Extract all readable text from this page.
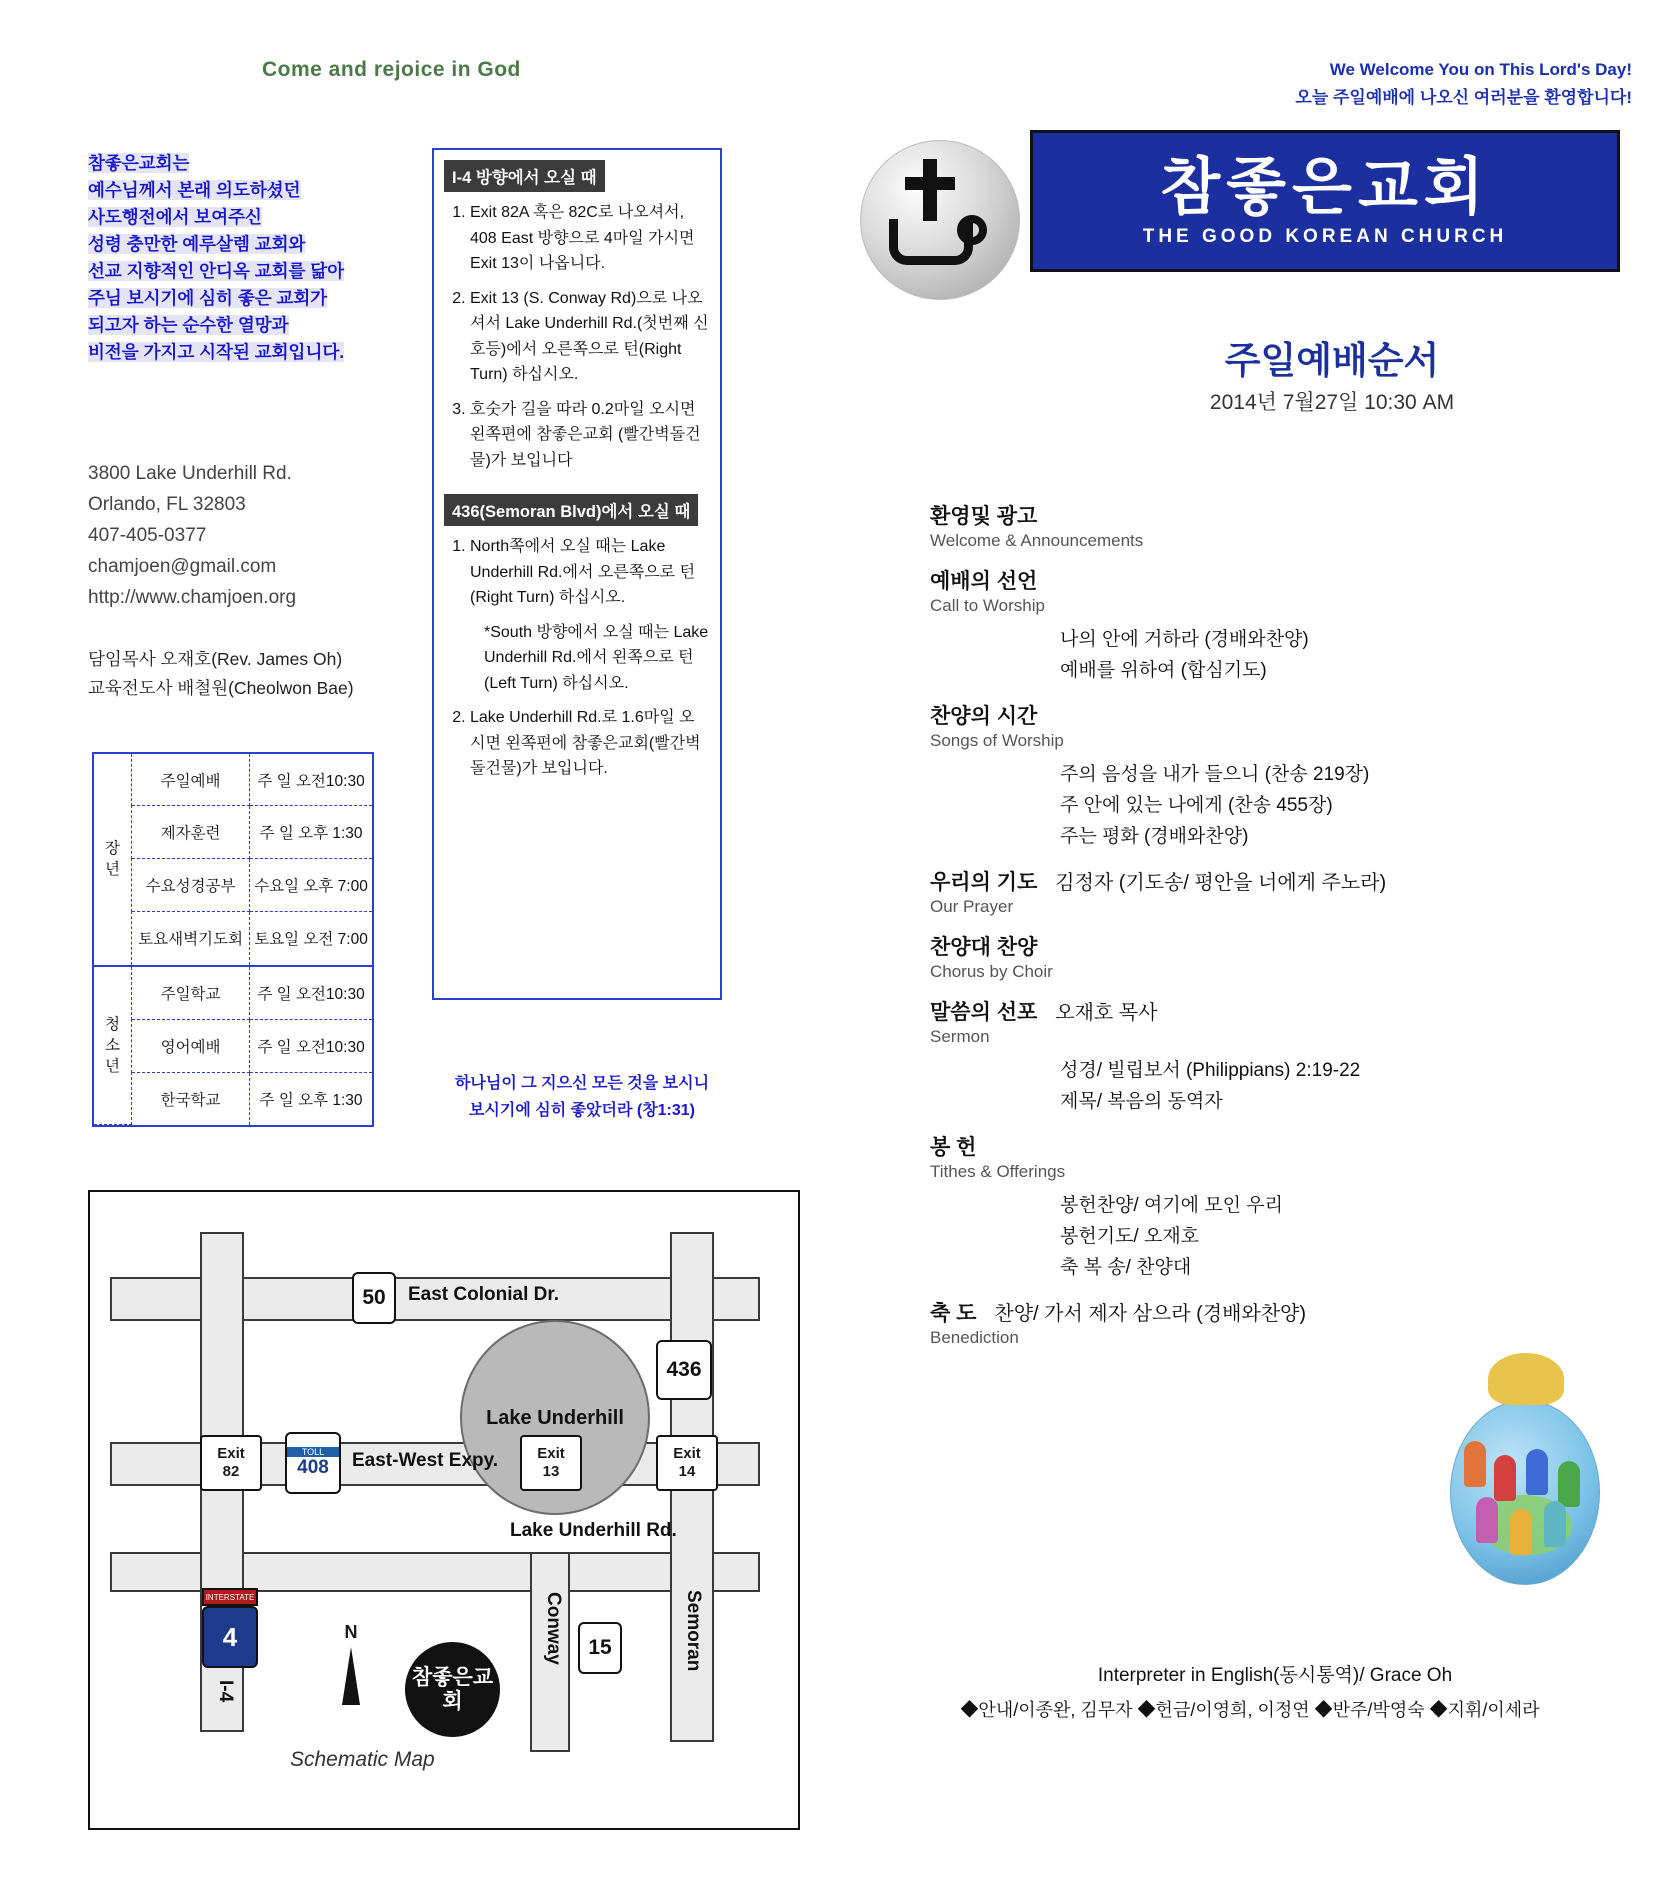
Come and rejoice in God	We Welcome You on This Lord's Day!
오늘 주일예배에 나오신 여러분을 환영합니다!
참좋은교회는
예수님께서 본래 의도하셨던
사도행전에서 보여주신
성령 충만한 예루살렘 교회와
선교 지향적인 안디옥 교회를 닮아
주님 보시기에 심히 좋은 교회가
되고자 하는 순수한 열망과
비전을 가지고 시작된 교회입니다.
3800 Lake Underhill Rd.
Orlando, FL 32803
407-405-0377
chamjoen@gmail.com
http://www.chamjoen.org
담임목사 오재호(Rev. James Oh)
교육전도사 배철원(Cheolwon Bae)
장
년	주일예배	주 일 오전10:30
	제자훈련	주 일 오후 1:30
	수요성경공부	수요일 오후 7:00
	토요새벽기도회	토요일 오전 7:00
청
소
년	주일학교	주 일 오전10:30
	영어예배	주 일 오전10:30
	한국학교	주 일 오후 1:30
I-4 방향에서 오실 때
1. Exit 82A 혹은 82C로 나오셔서, 408 East 방향으로 4마일 가시면 Exit 13이 나옵니다.
2. Exit 13 (S. Conway Rd)으로 나오셔서 Lake Underhill Rd.(첫번째 신호등)에서 오른쪽으로 턴(Right Turn) 하십시오.
3. 호숫가 길을 따라 0.2마일 오시면 왼쪽편에 참좋은교회 (빨간벽돌건물)가 보입니다
436(Semoran Blvd)에서 오실 때
1. North쪽에서 오실 때는 Lake Underhill Rd.에서 오른쪽으로 턴(Right Turn) 하십시오.
*South 방향에서 오실 때는 Lake Underhill Rd.에서 왼쪽으로 턴(Left Turn) 하십시오.
2. Lake Underhill Rd.로 1.6마일 오시면 왼쪽편에 참좋은교회(빨간벽돌건물)가 보입니다.
하나님이 그 지으신 모든 것을 보시니
보시기에 심히 좋았더라 (창1:31)
Lake Underhill
50	East Colonial Dr.
436
Exit
82
Exit
13
Exit
14
TOLL
408 East-West Expy.
Lake Underhill Rd.
INTERSTATE
4
I-4
Conway	15	Semoran
참좋은교회
N
Schematic Map
참좋은교회
THE GOOD KOREAN CHURCH
주일예배순서
2014년 7월27일 10:30 AM
환영및 광고
Welcome & Announcements
예배의 선언
Call to Worship
나의 안에 거하라 (경배와찬양)
예배를 위하여 (합심기도)
찬양의 시간
Songs of Worship
주의 음성을 내가 들으니 (찬송 219장)
주 안에 있는 나에게 (찬송 455장)
주는 평화 (경배와찬양)
우리의 기도 김정자 (기도송/ 평안을 너에게 주노라)
Our Prayer
찬양대 찬양
Chorus by Choir
말씀의 선포 오재호 목사
Sermon
성경/ 빌립보서 (Philippians) 2:19-22
제목/ 복음의 동역자
봉 헌
Tithes & Offerings
봉헌찬양/ 여기에 모인 우리
봉헌기도/ 오재호
축 복 송/ 찬양대
축 도 찬양/ 가서 제자 삼으라 (경배와찬양)
Benediction
Interpreter in English(동시통역)/ Grace Oh
◆안내/이종완, 김무자 ◆헌금/이영희, 이정연 ◆반주/박영숙 ◆지휘/이세라
